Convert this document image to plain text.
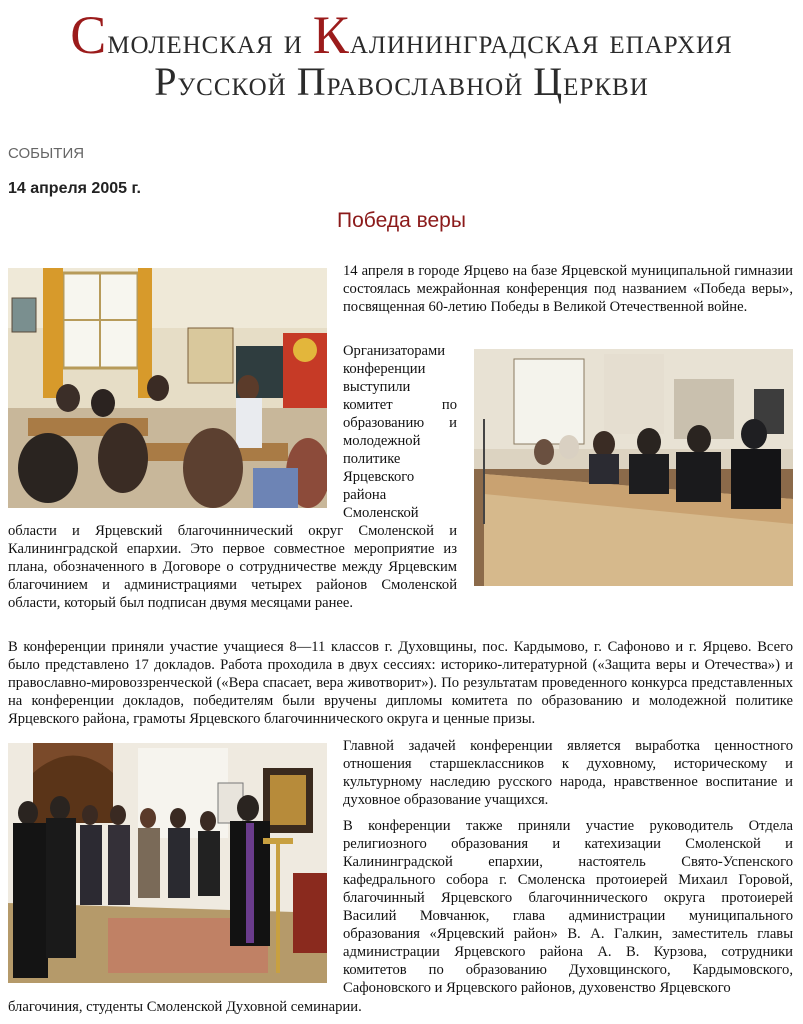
Смоленская и Калининградская епархия
Русской Православной Церкви
СОБЫТИЯ
14 апреля 2005 г.
Победа веры

14 апреля в городе Ярцево на базе Ярцевской муниципальной гимназии состоялась межрайонная конференция под названием «Победа веры», посвященная 60-летию Победы в Великой Отечественной войне.

Организаторами
конференции
выступили
комитет по
образованию и
молодежной
политике
Ярцевского
района
Смоленской

области и Ярцевский благочиннический округ Смоленской и Калининградской епархии. Это первое совместное мероприятие из плана, обозначенного в Договоре о сотрудничестве между Ярцевским благочинием и администрациями четырех районов Смоленской области, который был подписан двумя месяцами ранее.

В конференции приняли участие учащиеся 8—11 классов г. Духовщины, пос. Кардымово, г. Сафоново и г. Ярцево. Всего было представлено 17 докладов. Работа проходила в двух сессиях: историко-литературной («Защита веры и Отечества») и православно-мировоззренческой («Вера спасает, вера животворит»). По результатам проведенного конкурса представленных на конференции докладов, победителям были вручены дипломы комитета по образованию и молодежной политике Ярцевского района, грамоты Ярцевского благочиннического округа и ценные призы.

Главной задачей конференции является выработка ценностного отношения старшеклассников к духовному, историческому и культурному наследию русского народа, нравственное воспитание и духовное образование учащихся.

В конференции также приняли участие руководитель Отдела религиозного образования и катехизации Смоленской и Калининградской епархии, настоятель Свято-Успенского кафедрального собора г. Смоленска протоиерей Михаил Горовой, благочинный Ярцевского благочиннического округа протоиерей Василий Мовчанюк, глава администрации муниципального образования «Ярцевский район» В. А. Галкин, заместитель главы администрации Ярцевского района А. В. Курзова, сотрудники комитетов по образованию Духовщинского, Кардымовского, Сафоновского и Ярцевского районов, духовенство Ярцевского

благочиния, студенты Смоленской Духовной семинарии.
